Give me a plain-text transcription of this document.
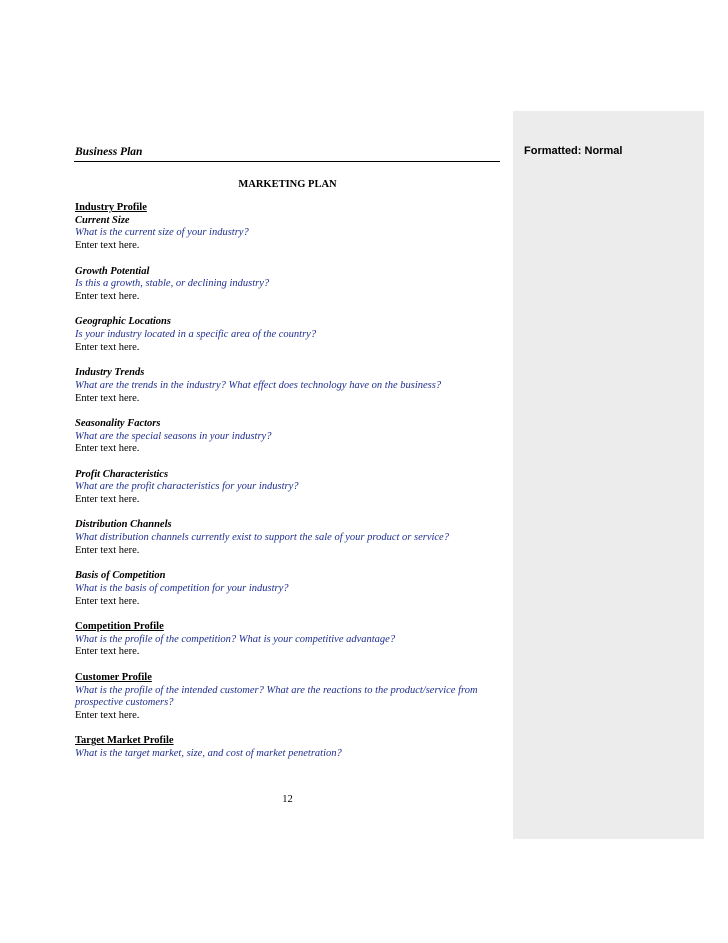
Formatted: Normal
Business Plan
MARKETING PLAN
Industry Profile
Current Size
What is the current size of your industry?
Enter text here.
Growth Potential
Is this a growth, stable, or declining industry?
Enter text here.
Geographic Locations
Is your industry located in a specific area of the country?
Enter text here.
Industry Trends
What are the trends in the industry? What effect does technology have on the business?
Enter text here.
Seasonality Factors
What are the special seasons in your industry?
Enter text here.
Profit Characteristics
What are the profit characteristics for your industry?
Enter text here.
Distribution Channels
What distribution channels currently exist to support the sale of your product or service?
Enter text here.
Basis of Competition
What is the basis of competition for your industry?
Enter text here.
Competition Profile
What is the profile of the competition? What is your competitive advantage?
Enter text here.
Customer Profile
What is the profile of the intended customer? What are the reactions to the product/service from prospective customers?
Enter text here.
Target Market Profile
What is the target market, size, and cost of market penetration?
12
